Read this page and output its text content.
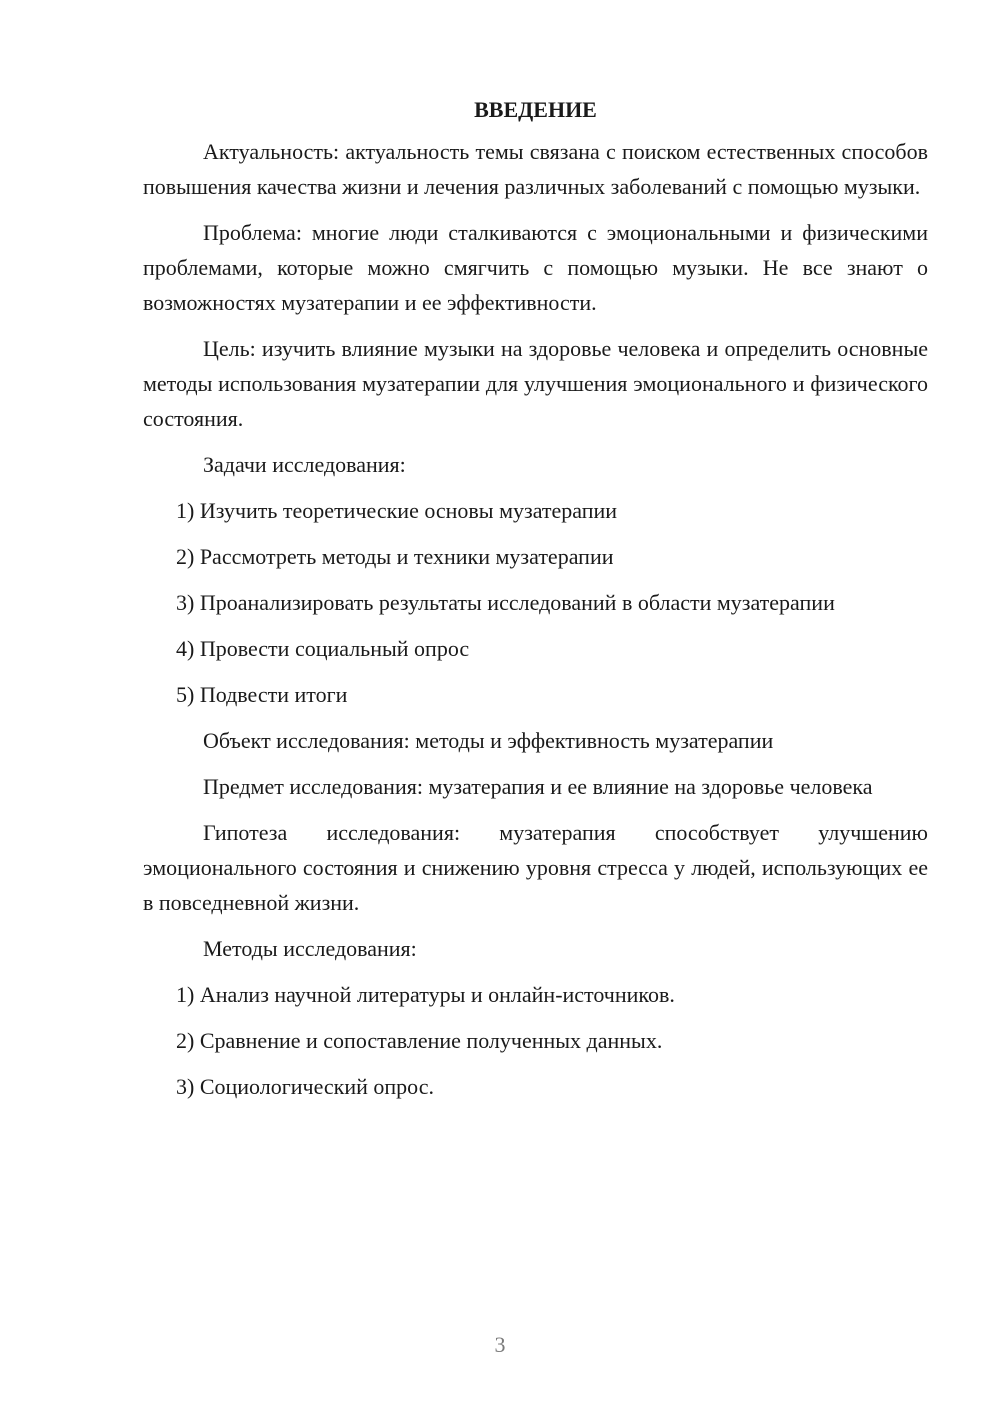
ВВЕДЕНИЕ

Актуальность: актуальность темы связана с поиском естественных способов повышения качества жизни и лечения различных заболеваний с помощью музыки.

Проблема: многие люди сталкиваются с эмоциональными и физическими проблемами, которые можно смягчить с помощью музыки. Не все знают о возможностях музатерапии и ее эффективности.

Цель: изучить влияние музыки на здоровье человека и определить основные методы использования музатерапии для улучшения эмоционального и физического состояния.

Задачи исследования:

1) Изучить теоретические основы музатерапии
2) Рассмотреть методы и техники музатерапии
3) Проанализировать результаты исследований в области музатерапии
4) Провести социальный опрос
5) Подвести итоги

Объект исследования: методы и эффективность музатерапии

Предмет исследования: музатерапия и ее влияние на здоровье человека

Гипотеза исследования: музатерапия способствует улучшению эмоционального состояния и снижению уровня стресса у людей, использующих ее в повседневной жизни.

Методы исследования:

1) Анализ научной литературы и онлайн-источников.
2) Сравнение и сопоставление полученных данных.
3) Социологический опрос.
3
